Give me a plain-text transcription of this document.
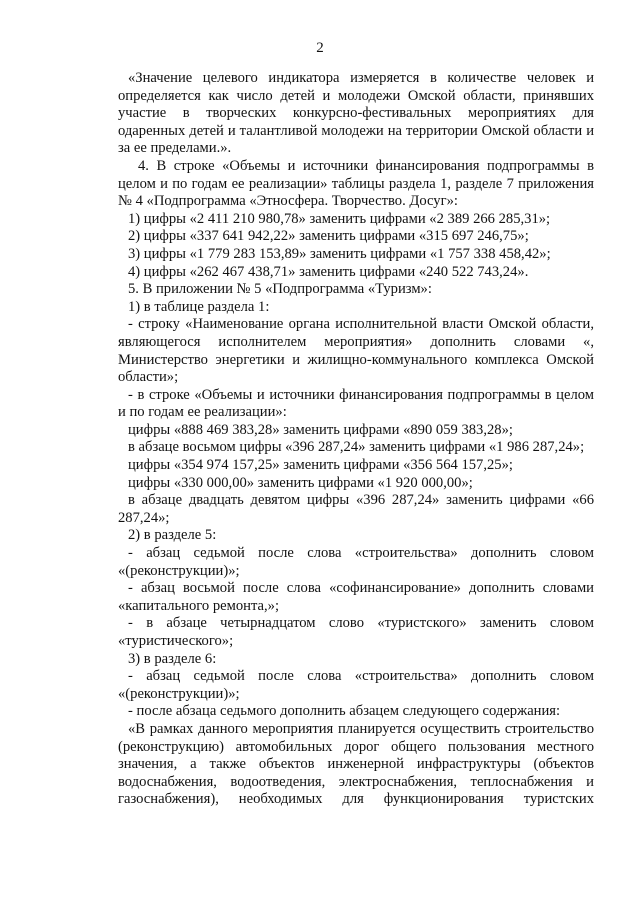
2

«Значение целевого индикатора измеряется в количестве человек и определяется как число детей и молодежи Омской области, принявших участие в творческих конкурсно-фестивальных мероприятиях для одаренных детей и талантливой молодежи на территории Омской области и за ее пределами.».

4. В строке «Объемы и источники финансирования подпрограммы в целом и по годам ее реализации» таблицы раздела 1, разделе 7 приложения № 4 «Подпрограмма «Этносфера. Творчество. Досуг»:

1) цифры «2 411 210 980,78» заменить цифрами «2 389 266 285,31»;

2) цифры «337 641 942,22» заменить цифрами «315 697 246,75»;

3) цифры «1 779 283 153,89» заменить цифрами «1 757 338 458,42»;

4) цифры «262 467 438,71» заменить цифрами «240 522 743,24».

5. В приложении № 5 «Подпрограмма «Туризм»:

1) в таблице раздела 1:

- строку «Наименование органа исполнительной власти Омской области, являющегося исполнителем мероприятия» дополнить словами «, Министерство энергетики и жилищно-коммунального комплекса Омской области»;

- в строке «Объемы и источники финансирования подпрограммы в целом и по годам ее реализации»:

цифры «888 469 383,28» заменить цифрами «890 059 383,28»;

в абзаце восьмом цифры «396 287,24» заменить цифрами «1 986 287,24»;

цифры «354 974 157,25» заменить цифрами «356 564 157,25»;

цифры «330 000,00» заменить цифрами «1 920 000,00»;

в абзаце двадцать девятом цифры «396 287,24» заменить цифрами «66 287,24»;

2) в разделе 5:

- абзац седьмой после слова «строительства» дополнить словом «(реконструкции)»;

- абзац восьмой после слова «софинансирование» дополнить словами «капитального ремонта,»;

- в абзаце четырнадцатом слово «туристского» заменить словом «туристического»;

3) в разделе 6:

- абзац седьмой после слова «строительства» дополнить словом «(реконструкции)»;

- после абзаца седьмого дополнить абзацем следующего содержания:

«В рамках данного мероприятия планируется осуществить строительство (реконструкцию) автомобильных дорог общего пользования местного значения, а также объектов инженерной инфраструктуры (объектов водоснабжения, водоотведения, электроснабжения, теплоснабжения и газоснабжения), необходимых для функционирования туристских
